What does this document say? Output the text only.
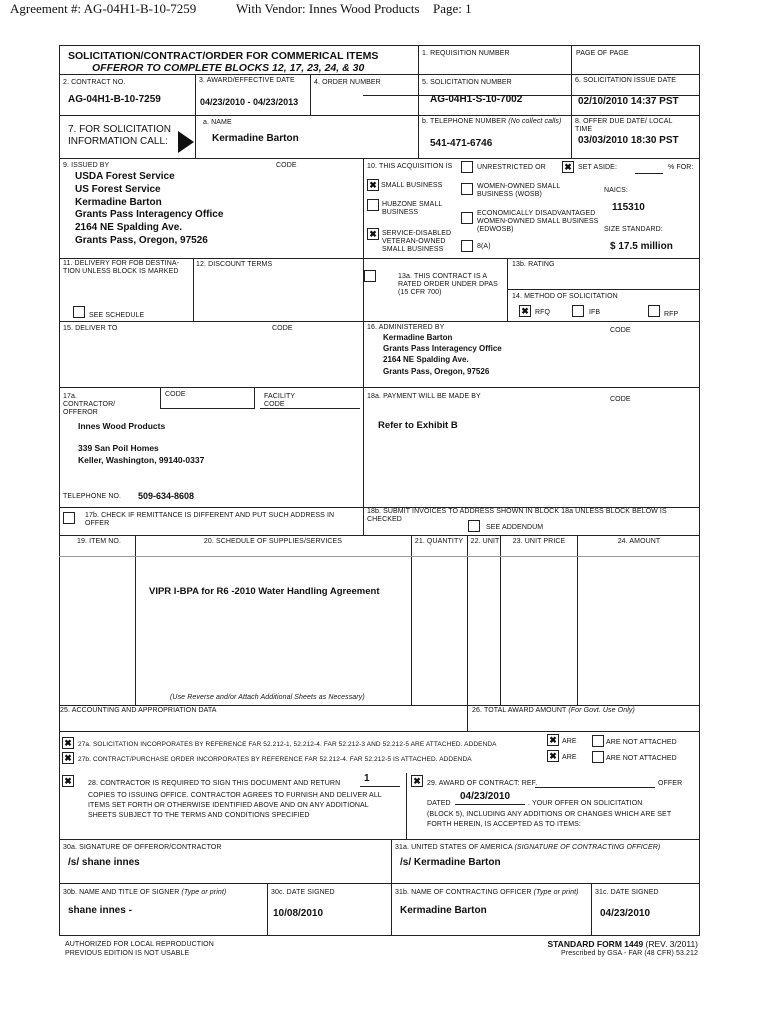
Agreement #: AG-04H1-B-10-7259	With Vendor: Innes Wood Products Page: 1
SOLICITATION/CONTRACT/ORDER FOR COMMERICAL ITEMS
OFFEROR TO COMPLETE BLOCKS 12, 17, 23, 24, & 30
1. REQUISITION NUMBER	PAGE OF PAGE
2. CONTRACT NO.
AG-04H1-B-10-7259
3. AWARD/EFFECTIVE DATE
04/23/2010 - 04/23/2013
4. ORDER NUMBER	5. SOLICITATION NUMBER
AG-04H1-S-10-7002
6. SOLICITATION ISSUE DATE
02/10/2010 14:37 PST
7. FOR SOLICITATION INFORMATION CALL:
a. NAME
Kermadine Barton
b. TELEPHONE NUMBER (No collect calls)
541-471-6746
8. OFFER DUE DATE/ LOCAL TIME
03/03/2010 18:30 PST
9. ISSUED BY	CODE
USDA Forest Service
US Forest Service
Kermadine Barton
Grants Pass Interagency Office
2164 NE Spalding Ave.
Grants Pass, Oregon, 97526
10. THIS ACQUISITION IS	UNRESTRICTED OR ✖ SET ASIDE:	% FOR:
✖ SMALL BUSINESS	WOMEN-OWNED SMALL BUSINESS (WOSB)
NAICS:
115310
HUBZONE SMALL BUSINESS	ECONOMICALLY DISADVANTAGED WOMEN-OWNED SMALL BUSINESS (EDWOSB)	SIZE STANDARD:
$ 17.5 million
✖ SERVICE-DISABLED VETERAN-OWNED SMALL BUSINESS	8(A)
11. DELIVERY FOR FOB DESTINA-TION UNLESS BLOCK IS MARKED
SEE SCHEDULE
12. DISCOUNT TERMS
13a. THIS CONTRACT IS A RATED ORDER UNDER DPAS (15 CFR 700)
13b. RATING
14. METHOD OF SOLICITATION
✖ RFQ	IFB	RFP
15. DELIVER TO	CODE	16. ADMINISTERED BY	CODE
Kermadine Barton
Grants Pass Interagency Office
2164 NE Spalding Ave.
Grants Pass, Oregon, 97526
17a. CONTRACTOR/ OFFEROR
CODE	FACILITY CODE
Innes Wood Products
339 San Poil Homes
Keller, Washington, 99140-0337
TELEPHONE NO. 509-634-8608
18a. PAYMENT WILL BE MADE BY	CODE
Refer to Exhibit B
17b. CHECK IF REMITTANCE IS DIFFERENT AND PUT SUCH ADDRESS IN OFFER
18b. SUBMIT INVOICES TO ADDRESS SHOWN IN BLOCK 18a UNLESS BLOCK BELOW IS CHECKED
SEE ADDENDUM
19. ITEM NO.	20. SCHEDULE OF SUPPLIES/SERVICES	21. QUANTITY	22. UNIT	23. UNIT PRICE	24. AMOUNT
VIPR I-BPA for R6 -2010 Water Handling Agreement
(Use Reverse and/or Attach Additional Sheets as Necessary)
25. ACCOUNTING AND APPROPRIATION DATA	26. TOTAL AWARD AMOUNT (For Govt. Use Only)
✖ 27a. SOLICITATION INCORPORATES BY REFERENCE FAR 52.212-1, 52.212-4. FAR 52.212-3 AND 52.212-5 ARE ATTACHED. ADDENDA	✖ ARE	ARE NOT ATTACHED
✖ 27b. CONTRACT/PURCHASE ORDER INCORPORATES BY REFERENCE FAR 52.212-4. FAR 52.212-5 IS ATTACHED. ADDENDA	✖ ARE	ARE NOT ATTACHED
✖	28. CONTRACTOR IS REQUIRED TO SIGN THIS DOCUMENT AND RETURN 1
COPIES TO ISSUING OFFICE. CONTRACTOR AGREES TO FURNISH AND DELIVER ALL ITEMS SET FORTH OR OTHERWISE IDENTIFIED ABOVE AND ON ANY ADDITIONAL SHEETS SUBJECT TO THE TERMS AND CONDITIONS SPECIFIED
✖ 29. AWARD OF CONTRACT: REF.	OFFER
DATED
04/23/2010
. YOUR OFFER ON SOLICITATION
(BLOCK 5), INCLUDING ANY ADDITIONS OR CHANGES WHICH ARE SET FORTH HEREIN, IS ACCEPTED AS TO ITEMS:
30a. SIGNATURE OF OFFEROR/CONTRACTOR
/s/ shane innes
31a. UNITED STATES OF AMERICA (SIGNATURE OF CONTRACTING OFFICER)
/s/ Kermadine Barton
30b. NAME AND TITLE OF SIGNER (Type or print)
shane innes -
30c. DATE SIGNED
10/08/2010
31b. NAME OF CONTRACTING OFFICER (Type or print)
Kermadine Barton
31c. DATE SIGNED
04/23/2010
AUTHORIZED FOR LOCAL REPRODUCTION
PREVIOUS EDITION IS NOT USABLE
STANDARD FORM 1449 (REV. 3/2011)
Prescribed by GSA - FAR (48 CFR) 53.212
